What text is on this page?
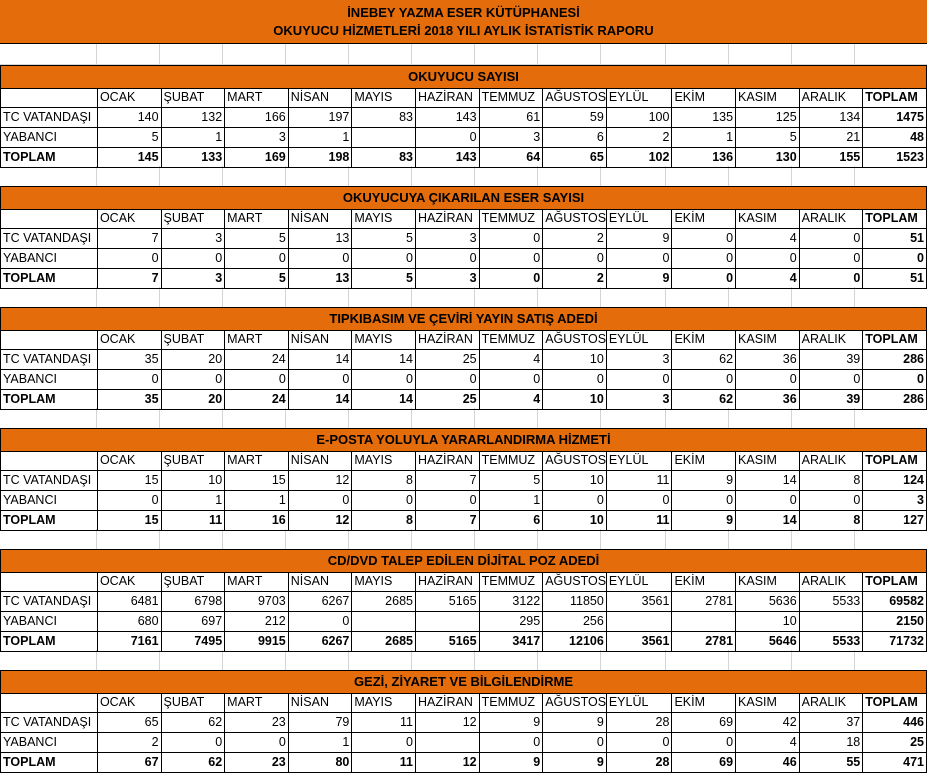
İNEBEY YAZMA ESER KÜTÜPHANESİ
OKUYUCU HİZMETLERİ 2018 YILI AYLIK İSTATİSTİK RAPORU
OKUYUCU SAYISI
	OCAK	ŞUBAT	MART	NİSAN	MAYIS	HAZİRAN	TEMMUZ	AĞUSTOS	EYLÜL	EKİM	KASIM	ARALIK	TOPLAM
TC VATANDAŞI	140	132	166	197	83	143	61	59	100	135	125	134	1475
YABANCI	5	1	3	1		0	3	6	2	1	5	21	48
TOPLAM	145	133	169	198	83	143	64	65	102	136	130	155	1523
OKUYUCUYA ÇIKARILAN ESER SAYISI
	OCAK	ŞUBAT	MART	NİSAN	MAYIS	HAZİRAN	TEMMUZ	AĞUSTOS	EYLÜL	EKİM	KASIM	ARALIK	TOPLAM
TC VATANDAŞI	7	3	5	13	5	3	0	2	9	0	4	0	51
YABANCI	0	0	0	0	0	0	0	0	0	0	0	0	0
TOPLAM	7	3	5	13	5	3	0	2	9	0	4	0	51
TIPKIBASIM VE ÇEVİRİ YAYIN SATIŞ ADEDİ
	OCAK	ŞUBAT	MART	NİSAN	MAYIS	HAZİRAN	TEMMUZ	AĞUSTOS	EYLÜL	EKİM	KASIM	ARALIK	TOPLAM
TC VATANDAŞI	35	20	24	14	14	25	4	10	3	62	36	39	286
YABANCI	0	0	0	0	0	0	0	0	0	0	0	0	0
TOPLAM	35	20	24	14	14	25	4	10	3	62	36	39	286
E-POSTA YOLUYLA YARARLANDIRMA HİZMETİ
	OCAK	ŞUBAT	MART	NİSAN	MAYIS	HAZİRAN	TEMMUZ	AĞUSTOS	EYLÜL	EKİM	KASIM	ARALIK	TOPLAM
TC VATANDAŞI	15	10	15	12	8	7	5	10	11	9	14	8	124
YABANCI	0	1	1	0	0	0	1	0	0	0	0	0	3
TOPLAM	15	11	16	12	8	7	6	10	11	9	14	8	127
CD/DVD TALEP EDİLEN DİJİTAL POZ ADEDİ
	OCAK	ŞUBAT	MART	NİSAN	MAYIS	HAZİRAN	TEMMUZ	AĞUSTOS	EYLÜL	EKİM	KASIM	ARALIK	TOPLAM
TC VATANDAŞI	6481	6798	9703	6267	2685	5165	3122	11850	3561	2781	5636	5533	69582
YABANCI	680	697	212	0			295	256			10		2150
TOPLAM	7161	7495	9915	6267	2685	5165	3417	12106	3561	2781	5646	5533	71732
GEZİ, ZİYARET VE BİLGİLENDİRME
	OCAK	ŞUBAT	MART	NİSAN	MAYIS	HAZİRAN	TEMMUZ	AĞUSTOS	EYLÜL	EKİM	KASIM	ARALIK	TOPLAM
TC VATANDAŞI	65	62	23	79	11	12	9	9	28	69	42	37	446
YABANCI	2	0	0	1	0		0	0	0	0	4	18	25
TOPLAM	67	62	23	80	11	12	9	9	28	69	46	55	471
